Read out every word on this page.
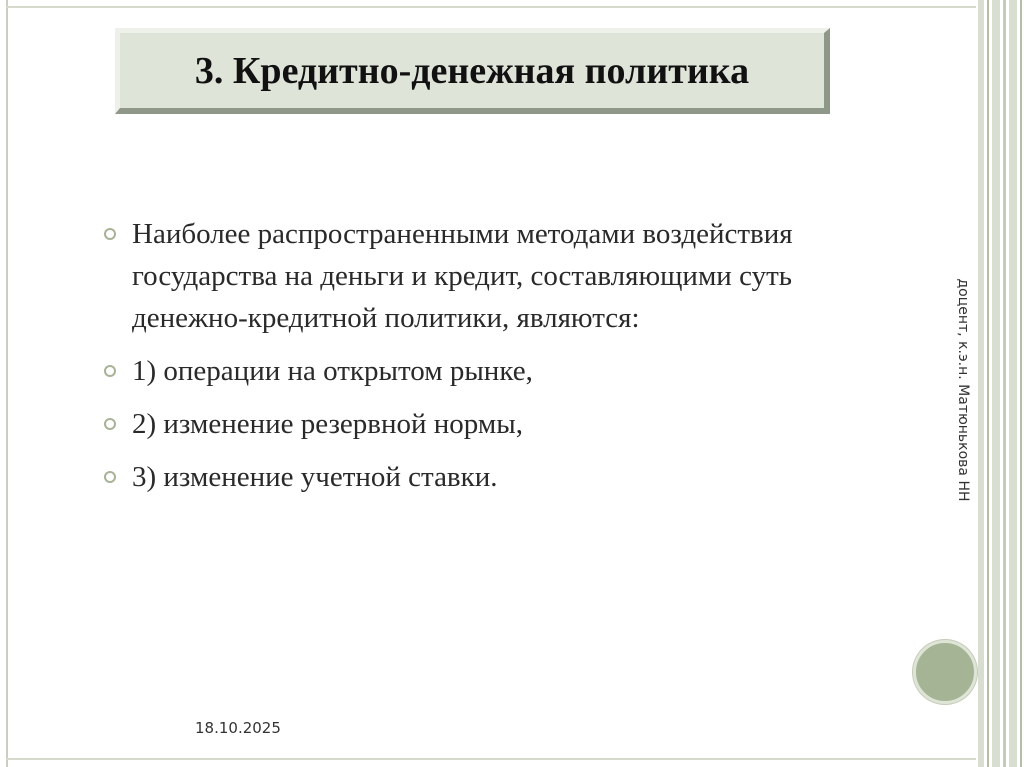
3. Кредитно-денежная политика
Наиболее распространенными методами воздействия государства на деньги и кредит, составляющими суть денежно-кредитной политики, являются:
1) операции на открытом рынке,
2) изменение резервной нормы,
3) изменение учетной ставки.	доцент, к.э.н. Матюнькова НН
18.10.2025
